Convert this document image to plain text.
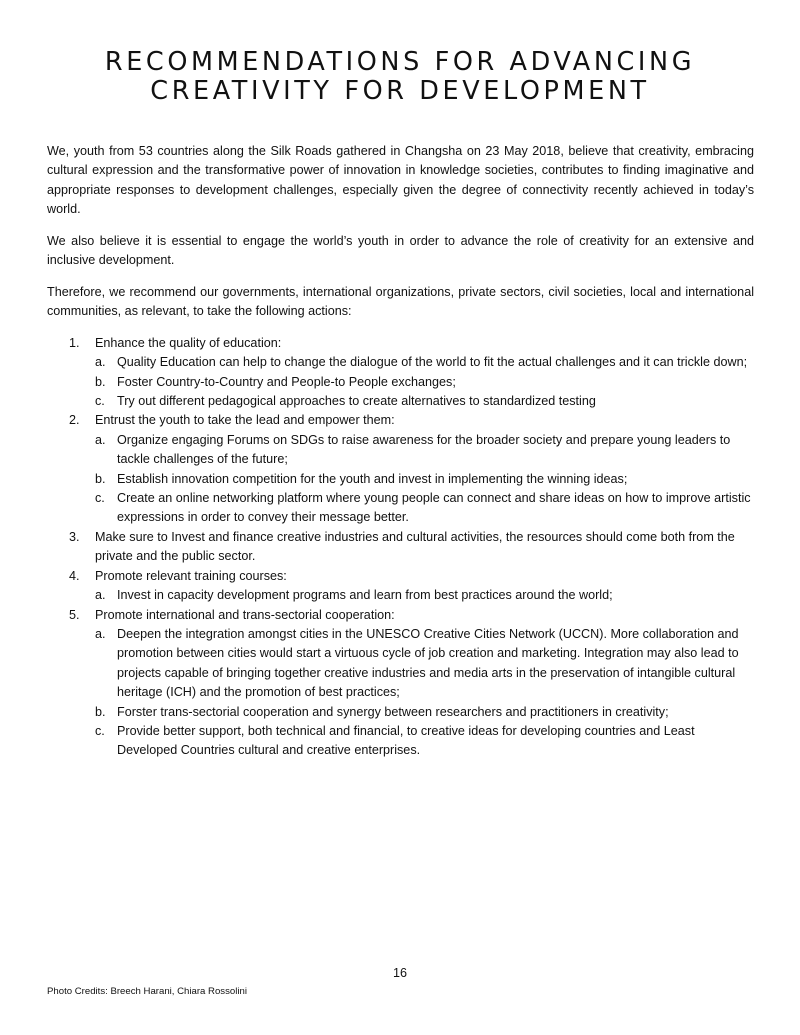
RECOMMENDATIONS FOR ADVANCING
CREATIVITY FOR DEVELOPMENT

We, youth from 53 countries along the Silk Roads gathered in Changsha on 23 May 2018, believe that creativity, embracing cultural expression and the transformative power of innovation in knowledge societies, contributes to finding imaginative and appropriate responses to development challenges, especially given the degree of connectivity recently achieved in today’s world.

We also believe it is essential to engage the world’s youth in order to advance the role of creativity for an extensive and inclusive development.

Therefore, we recommend our governments, international organizations, private sectors, civil societies, local and international communities, as relevant, to take the following actions:

1. Enhance the quality of education:
a. Quality Education can help to change the dialogue of the world to fit the actual challenges and it can trickle down;
b. Foster Country-to-Country and People-to People exchanges;
c. Try out different pedagogical approaches to create alternatives to standardized testing
2. Entrust the youth to take the lead and empower them:
a. Organize engaging Forums on SDGs to raise awareness for the broader society and prepare young leaders to tackle challenges of the future;
b. Establish innovation competition for the youth and invest in implementing the winning ideas;
c. Create an online networking platform where young people can connect and share ideas on how to improve artistic expressions in order to convey their message better.
3. Make sure to Invest and finance creative industries and cultural activities, the resources should come both from the private and the public sector.
4. Promote relevant training courses:
a. Invest in capacity development programs and learn from best practices around the world;
5. Promote international and trans-sectorial cooperation:
a. Deepen the integration amongst cities in the UNESCO Creative Cities Network (UCCN). More collaboration and promotion between cities would start a virtuous cycle of job creation and marketing. Integration may also lead to projects capable of bringing together creative industries and media arts in the preservation of intangible cultural heritage (ICH) and the promotion of best practices;
b. Forster trans-sectorial cooperation and synergy between researchers and practitioners in creativity;
c. Provide better support, both technical and financial, to creative ideas for developing countries and Least Developed Countries cultural and creative enterprises.
16
Photo Credits: Breech Harani, Chiara Rossolini
